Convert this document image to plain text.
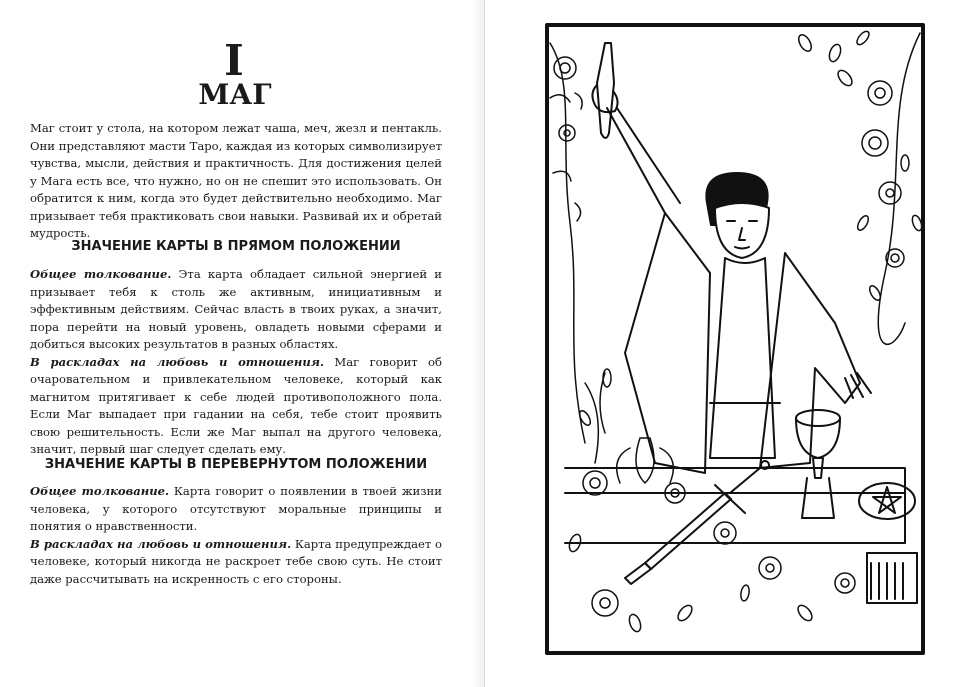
I
МАГ

Маг стоит у стола, на котором лежат чаша, меч, жезл и пентакль. Они представляют масти Таро, каждая из которых символизирует чувства, мысли, действия и практичность. Для достижения целей у Мага есть все, что нужно, но он не спешит это использовать. Он обратится к ним, когда это будет действительно необходимо. Маг призывает тебя практиковать свои навыки. Развивай их и обретай мудрость.

ЗНАЧЕНИЕ КАРТЫ В ПРЯМОМ ПОЛОЖЕНИИ
Общее толкование. Эта карта обладает сильной энергией и призывает тебя к столь же активным, инициативным и эффективным действиям. Сейчас власть в твоих руках, а значит, пора перейти на новый уровень, овладеть новыми сферами и добиться высоких результатов в разных областях.
В раскладах на любовь и отношения. Маг говорит об очаровательном и привлекательном человеке, который как магнитом притягивает к себе людей противоположного пола. Если Маг выпадает при гадании на себя, тебе стоит проявить свою решительность. Если же Маг выпал на другого человека, значит, первый шаг следует сделать ему.
ЗНАЧЕНИЕ КАРТЫ В ПЕРЕВЕРНУТОМ ПОЛОЖЕНИИ
Общее толкование. Карта говорит о появлении в твоей жизни человека, у которого отсутствуют моральные принципы и понятия о нравственности.
В раскладах на любовь и отношения. Карта предупреждает о человеке, который никогда не раскроет тебе свою суть. Не стоит даже рассчитывать на искренность с его стороны.
